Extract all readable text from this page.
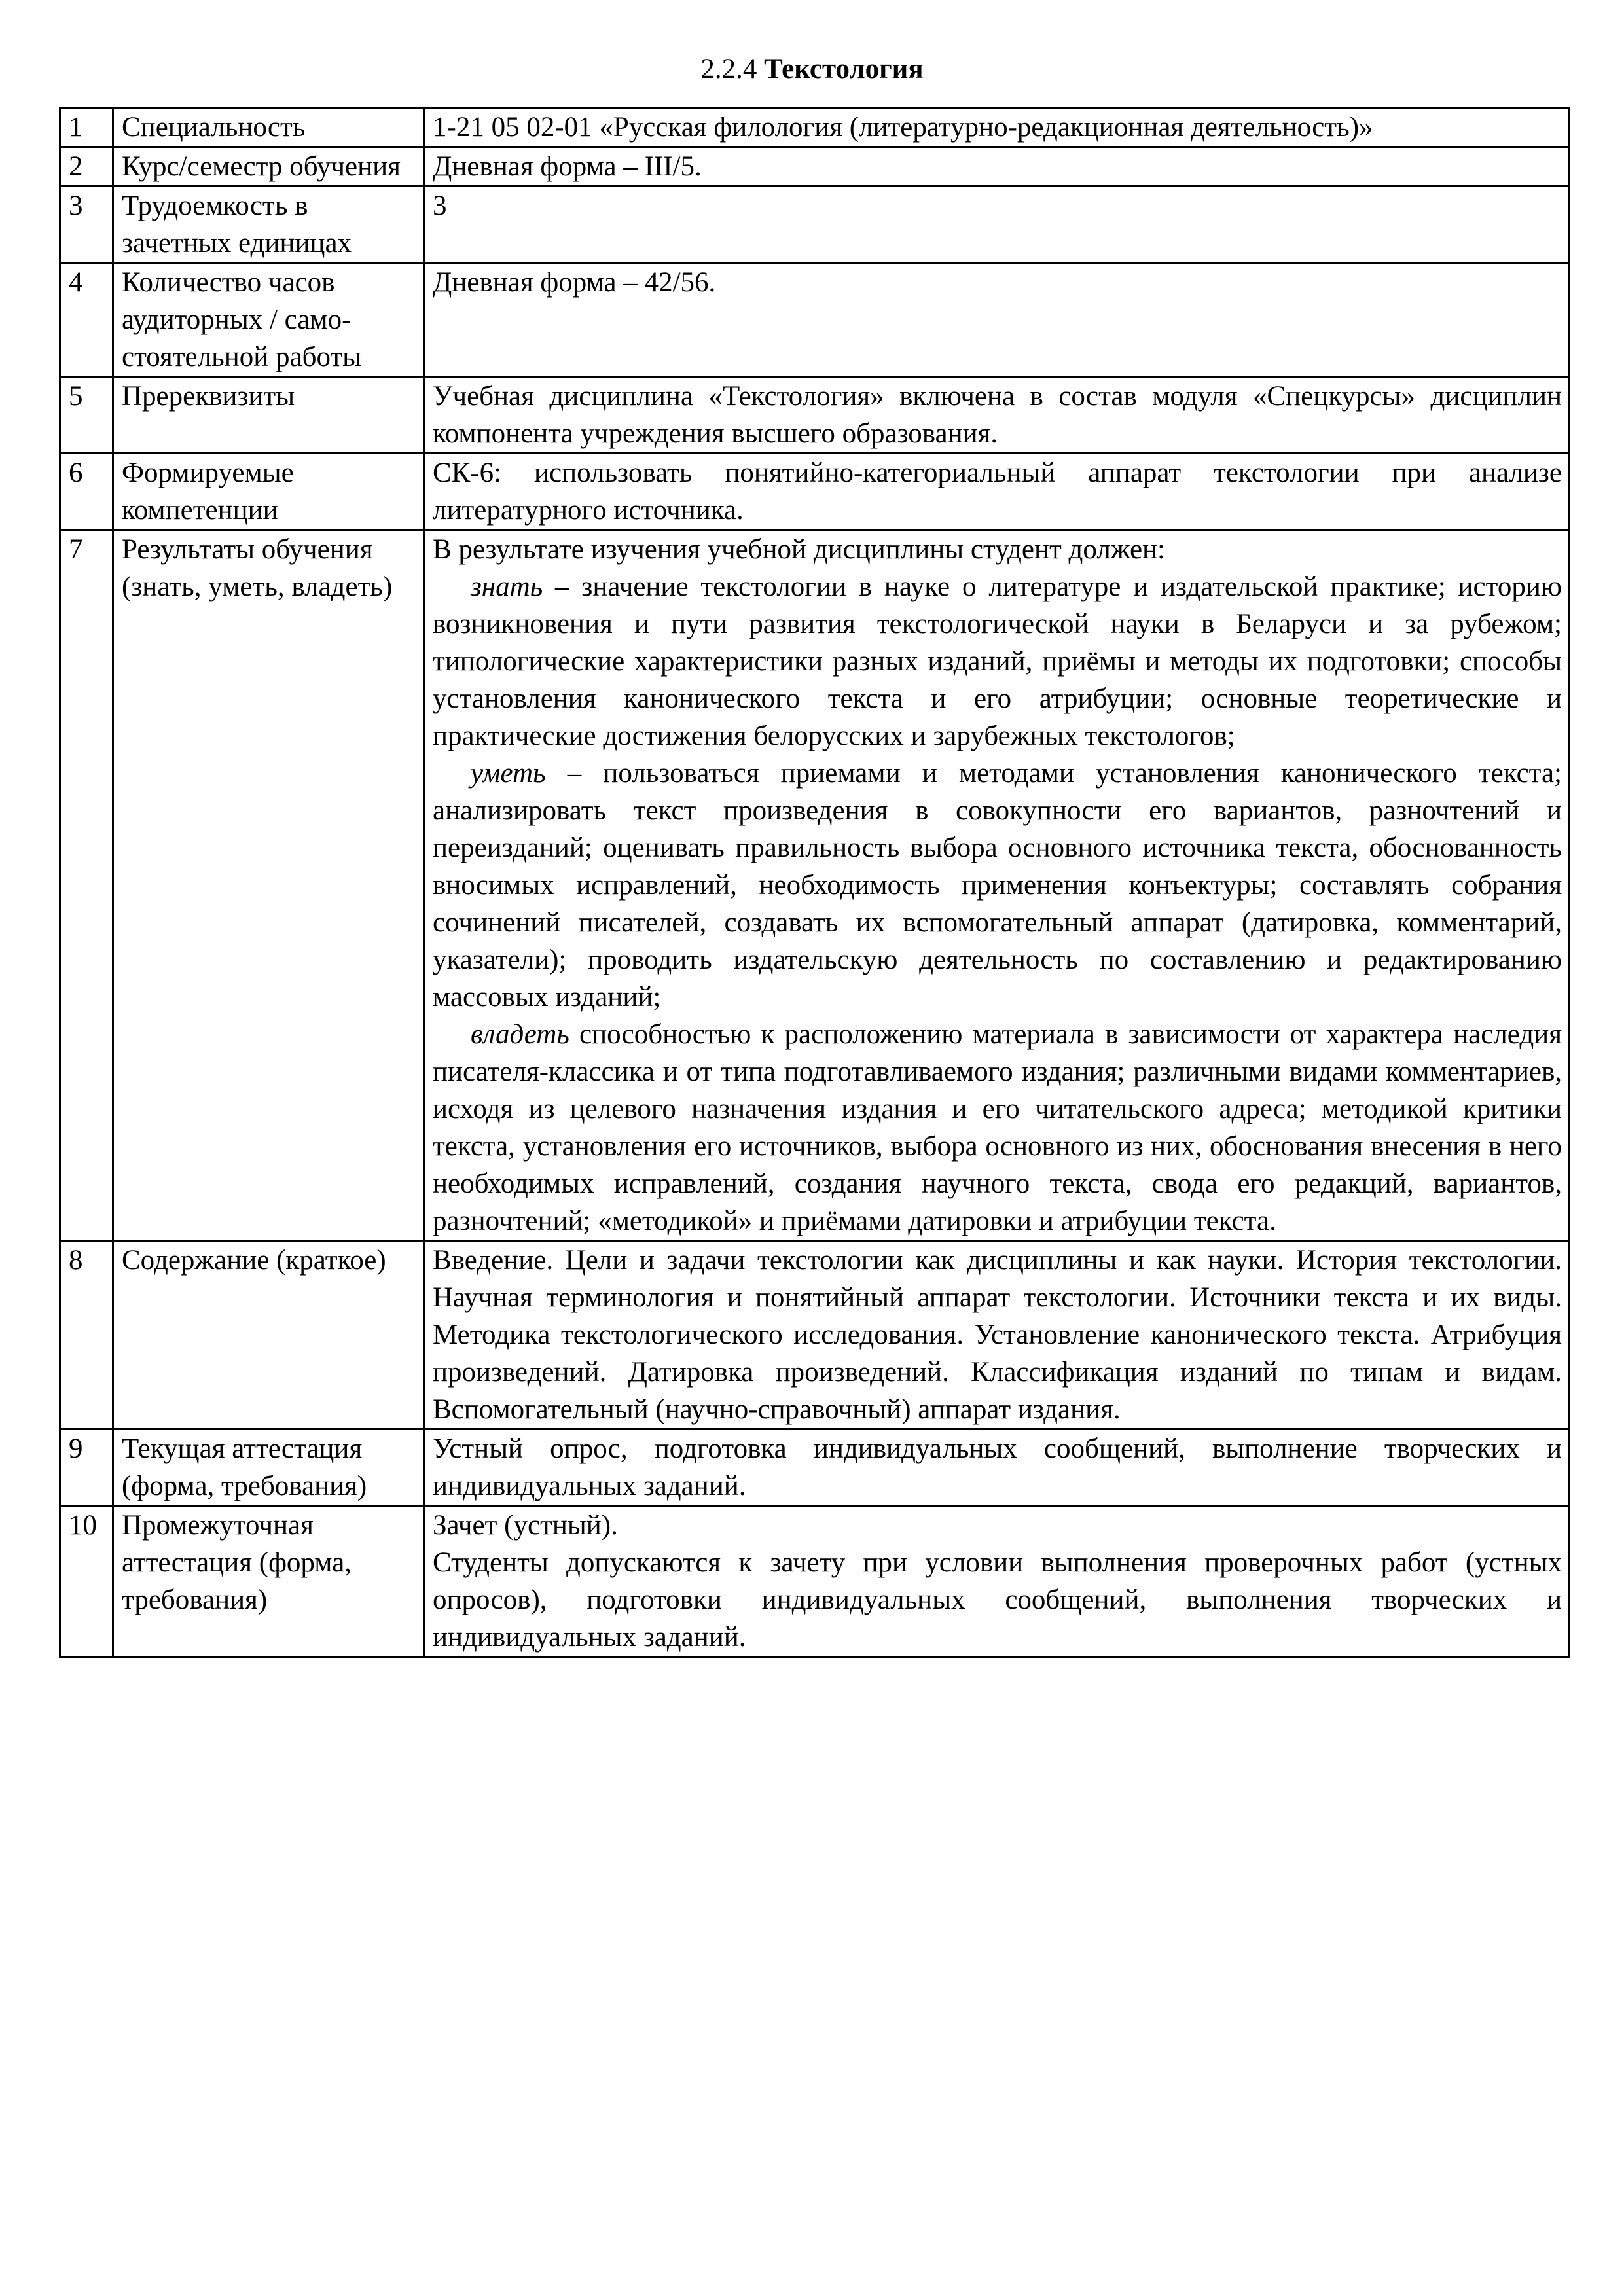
2.2.4 Текстология
1	Специальность	1-21 05 02-01 «Русская филология (литературно-редакционная деятельность)»
2	Курс/семестр обучения	Дневная форма – III/5.
3	Трудоемкость в зачетных единицах	3
4	Количество часов аудиторных / само-стоятельной работы	Дневная форма – 42/56.
5	Пререквизиты	Учебная дисциплина «Текстология» включена в состав модуля «Спецкурсы» дисциплин компонента учреждения высшего образования.
6	Формируемые компетенции	СК-6: использовать понятийно-категориальный аппарат текстологии при анализе литературного источника.
7	Результаты обучения (знать, уметь, владеть)	В результате изучения учебной дисциплины студент должен:
знать – значение текстологии в науке о литературе и издательской практике; историю возникновения и пути развития текстологической науки в Беларуси и за рубежом; типологические характеристики разных изданий, приёмы и методы их подготовки; способы установления канонического текста и его атрибуции; основные теоретические и практические достижения белорусских и зарубежных текстологов;
уметь – пользоваться приемами и методами установления канонического текста; анализировать текст произведения в совокупности его вариантов, разночтений и переизданий; оценивать правильность выбора основного источника текста, обоснованность вносимых исправлений, необходимость применения конъектуры; составлять собрания сочинений писателей, создавать их вспомогательный аппарат (датировка, комментарий, указатели); проводить издательскую деятельность по составлению и редактированию массовых изданий;
владеть способностью к расположению материала в зависимости от характера наследия писателя-классика и от типа подготавливаемого издания; различными видами комментариев, исходя из целевого назначения издания и его читательского адреса; методикой критики текста, установления его источников, выбора основного из них, обоснования внесения в него необходимых исправлений, создания научного текста, свода его редакций, вариантов, разночтений; «методикой» и приёмами датировки и атрибуции текста.

8	Содержание (краткое)	Введение. Цели и задачи текстологии как дисциплины и как науки. История текстологии. Научная терминология и понятийный аппарат текстологии. Источники текста и их виды. Методика текстологического исследования. Установление канонического текста. Атрибуция произведений. Датировка произведений. Классификация изданий по типам и видам. Вспомогательный (научно-справочный) аппарат издания.
9	Текущая аттестация (форма, требования)	Устный опрос, подготовка индивидуальных сообщений, выполнение творческих и индивидуальных заданий.
10	Промежуточная аттестация (форма, требования)	Зачет (устный).
Студенты допускаются к зачету при условии выполнения проверочных работ (устных опросов), подготовки индивидуальных сообщений, выполнения творческих и индивидуальных заданий.
